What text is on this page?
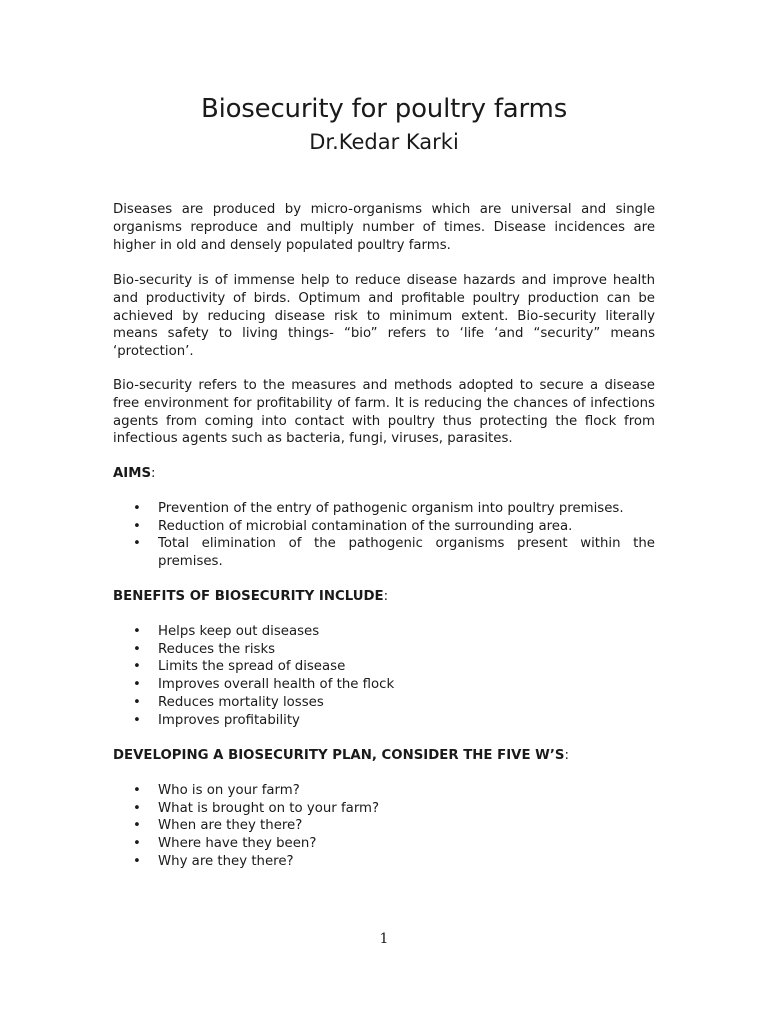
Biosecurity for poultry farms
Dr.Kedar Karki

Diseases are produced by micro-organisms which are universal and single organisms reproduce and multiply number of times. Disease incidences are higher in old and densely populated poultry farms.

Bio-security is of immense help to reduce disease hazards and improve health and productivity of birds. Optimum and profitable poultry production can be achieved by reducing disease risk to minimum extent. Bio-security literally means safety to living things- “bio” refers to ‘life ‘and “security” means ‘protection’.

Bio-security refers to the measures and methods adopted to secure a disease free environment for profitability of farm. It is reducing the chances of infections agents from coming into contact with poultry thus protecting the flock from infectious agents such as bacteria, fungi, viruses, parasites.

AIMS:

• Prevention of the entry of pathogenic organism into poultry premises.
• Reduction of microbial contamination of the surrounding area.
• Total elimination of the pathogenic organisms present within the premises.

BENEFITS OF BIOSECURITY INCLUDE:

• Helps keep out diseases
• Reduces the risks
• Limits the spread of disease
• Improves overall health of the flock
• Reduces mortality losses
• Improves profitability

DEVELOPING A BIOSECURITY PLAN, CONSIDER THE FIVE W’S:

• Who is on your farm?
• What is brought on to your farm?
• When are they there?
• Where have they been?
• Why are they there?
1
